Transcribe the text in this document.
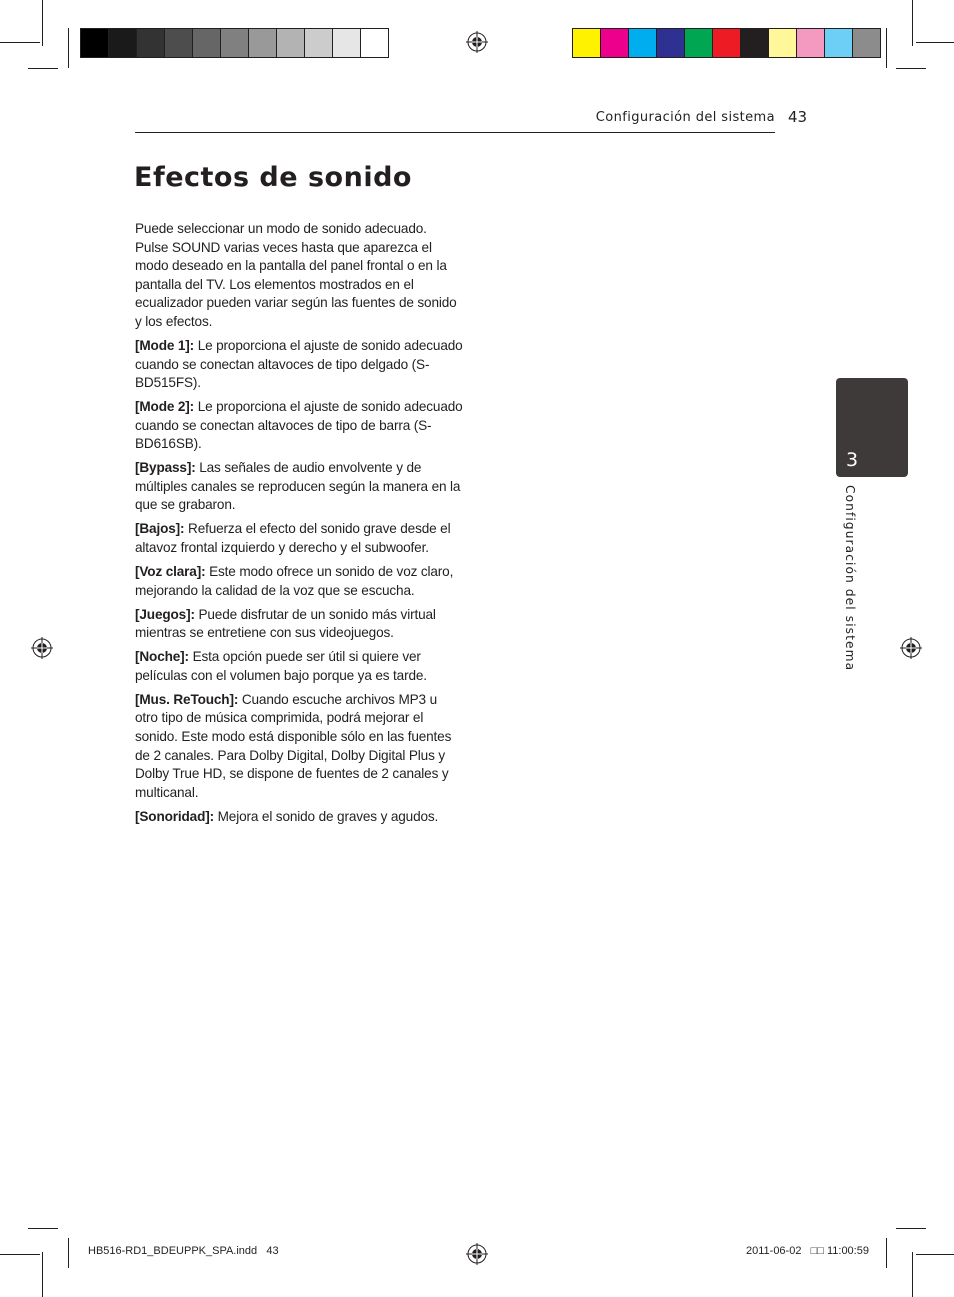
Configuración del sistema 43
Efectos de sonido

Puede seleccionar un modo de sonido adecuado. Pulse SOUND varias veces hasta que aparezca el modo deseado en la pantalla del panel frontal o en la pantalla del TV. Los elementos mostrados en el ecualizador pueden variar según las fuentes de sonido y los efectos.

[Mode 1]: Le proporciona el ajuste de sonido adecuado cuando se conectan altavoces de tipo delgado (S-BD515FS).

[Mode 2]: Le proporciona el ajuste de sonido adecuado cuando se conectan altavoces de tipo de barra (S-BD616SB).

[Bypass]: Las señales de audio envolvente y de múltiples canales se reproducen según la manera en la que se grabaron.

[Bajos]: Refuerza el efecto del sonido grave desde el altavoz frontal izquierdo y derecho y el subwoofer.

[Voz clara]: Este modo ofrece un sonido de voz claro, mejorando la calidad de la voz que se escucha.

[Juegos]: Puede disfrutar de un sonido más virtual mientras se entretiene con sus videojuegos.

[Noche]: Esta opción puede ser útil si quiere ver películas con el volumen bajo porque ya es tarde.

[Mus. ReTouch]: Cuando escuche archivos MP3 u otro tipo de música comprimida, podrá mejorar el sonido. Este modo está disponible sólo en las fuentes de 2 canales. Para Dolby Digital, Dolby Digital Plus y Dolby True HD, se dispone de fuentes de 2 canales y multicanal.

[Sonoridad]: Mejora el sonido de graves y agudos.

3
Configuración del sistema
HB516-RD1_BDEUPPK_SPA.indd   43	2011-06-02   □□ 11:00:59
